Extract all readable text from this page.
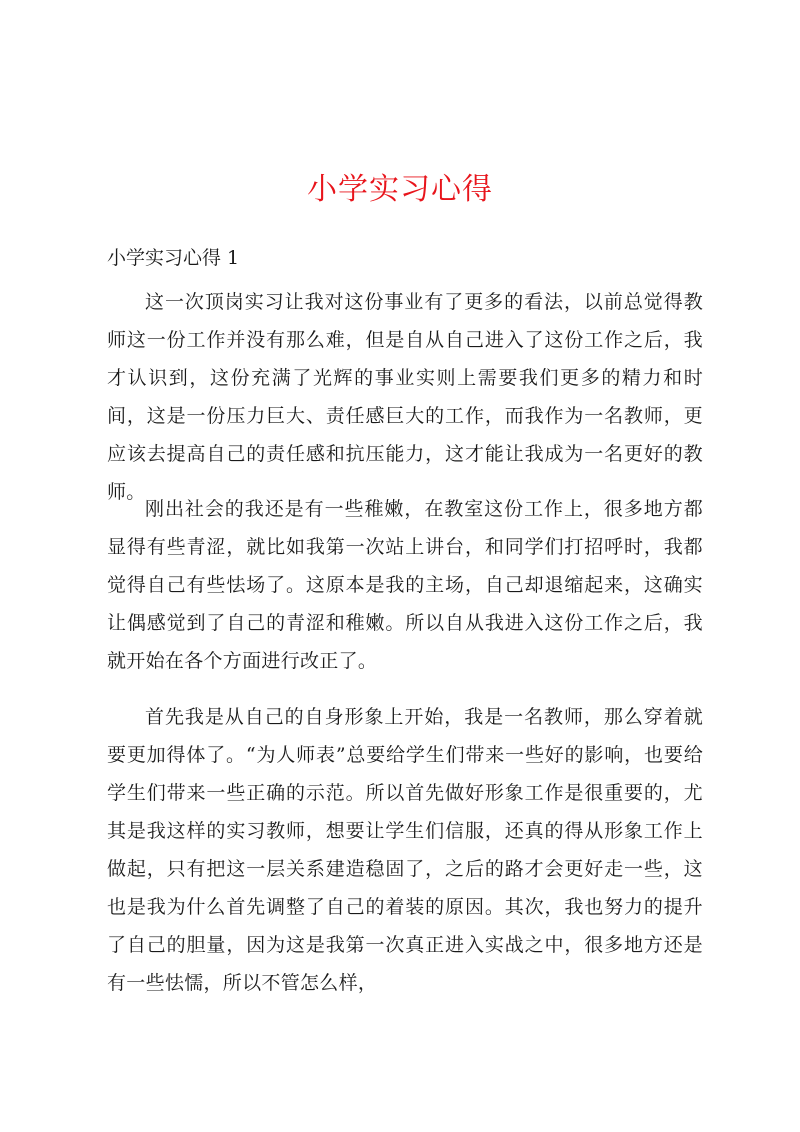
小学实习心得

小学实习心得 1

这一次顶岗实习让我对这份事业有了更多的看法，以前总觉得教师这一份工作并没有那么难，但是自从自己进入了这份工作之后，我才认识到，这份充满了光辉的事业实则上需要我们更多的精力和时间，这是一份压力巨大、责任感巨大的工作，而我作为一名教师，更应该去提高自己的责任感和抗压能力，这才能让我成为一名更好的教师。

刚出社会的我还是有一些稚嫩，在教室这份工作上，很多地方都显得有些青涩，就比如我第一次站上讲台，和同学们打招呼时，我都觉得自己有些怯场了。这原本是我的主场，自己却退缩起来，这确实让偶感觉到了自己的青涩和稚嫩。所以自从我进入这份工作之后，我就开始在各个方面进行改正了。

首先我是从自己的自身形象上开始，我是一名教师，那么穿着就要更加得体了。“为人师表”总要给学生们带来一些好的影响，也要给学生们带来一些正确的示范。所以首先做好形象工作是很重要的，尤其是我这样的实习教师，想要让学生们信服，还真的得从形象工作上做起，只有把这一层关系建造稳固了，之后的路才会更好走一些，这也是我为什么首先调整了自己的着装的原因。其次，我也努力的提升了自己的胆量，因为这是我第一次真正进入实战之中，很多地方还是有一些怯懦，所以不管怎么样，
